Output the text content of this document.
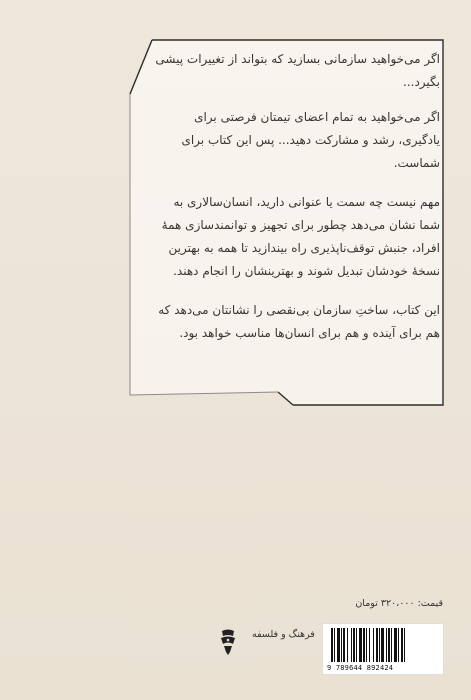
اگر می‌خواهید سازمانی بسازید که بتواند از تغییرات پیشی بگیرد...

اگر می‌خواهید به تمام اعضای تیمتان فرصتی برای یادگیری، رشد و مشارکت دهید... پس این کتاب برای شماست.

مهم نیست چه سمت یا عنوانی دارید، انسان‌سالاری به شما نشان می‌دهد چطور برای تجهیز و توانمندسازی همهٔ افراد، جنبش توقف‌ناپذیری راه بیندازید تا همه به بهترین نسخهٔ خودشان تبدیل شوند و بهترینشان را انجام دهند.

این کتاب، ساختِ سازمان بی‌نقصی را نشانتان می‌دهد که هم برای آینده و هم برای انسان‌ها مناسب خواهد بود.

قیمت: ۳۲۰،۰۰۰ تومان
فرهنگ و فلسفه
9 789644 892424
